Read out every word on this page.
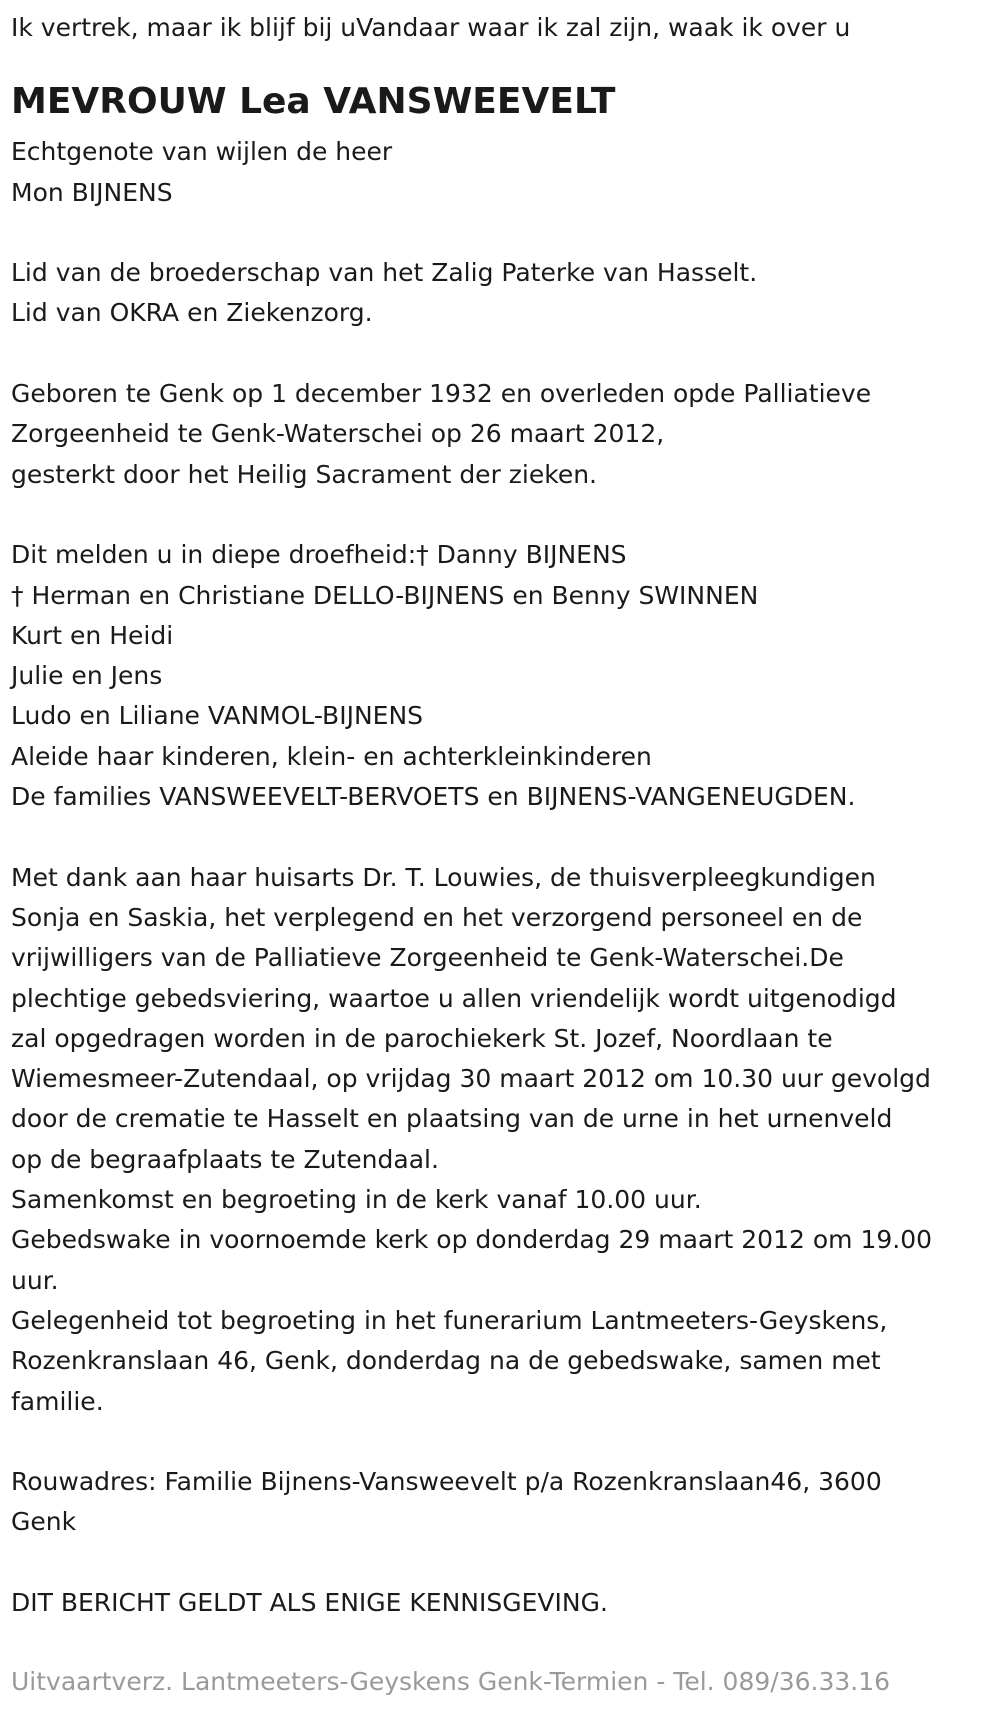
Ik vertrek, maar ik blijf bij uVandaar waar ik zal zijn, waak ik over u

MEVROUW Lea VANSWEEVELT

Echtgenote van wijlen de heer

Mon BIJNENS

Lid van de broederschap van het Zalig Paterke van Hasselt.

Lid van OKRA en Ziekenzorg.

Geboren te Genk op 1 december 1932 en overleden opde Palliatieve

Zorgeenheid te Genk-Waterschei op 26 maart 2012,

gesterkt door het Heilig Sacrament der zieken.

Dit melden u in diepe droefheid:† Danny BIJNENS

† Herman en Christiane DELLO-BIJNENS en Benny SWINNEN

Kurt en Heidi

Julie en Jens

Ludo en Liliane VANMOL-BIJNENS

Aleide haar kinderen, klein- en achterkleinkinderen

De families VANSWEEVELT-BERVOETS en BIJNENS-VANGENEUGDEN.

Met dank aan haar huisarts Dr. T. Louwies, de thuisverpleegkundigen

Sonja en Saskia, het verplegend en het verzorgend personeel en de

vrijwilligers van de Palliatieve Zorgeenheid te Genk-Waterschei.De

plechtige gebedsviering, waartoe u allen vriendelijk wordt uitgenodigd

zal opgedragen worden in de parochiekerk St. Jozef, Noordlaan te

Wiemesmeer-Zutendaal, op vrijdag 30 maart 2012 om 10.30 uur gevolgd

door de crematie te Hasselt en plaatsing van de urne in het urnenveld

op de begraafplaats te Zutendaal.

Samenkomst en begroeting in de kerk vanaf 10.00 uur.

Gebedswake in voornoemde kerk op donderdag 29 maart 2012 om 19.00

uur.

Gelegenheid tot begroeting in het funerarium Lantmeeters-Geyskens,

Rozenkranslaan 46, Genk, donderdag na de gebedswake, samen met

familie.

Rouwadres: Familie Bijnens-Vansweevelt p/a Rozenkranslaan46, 3600

Genk

DIT BERICHT GELDT ALS ENIGE KENNISGEVING.

Uitvaartverz. Lantmeeters-Geyskens Genk-Termien - Tel. 089/36.33.16
